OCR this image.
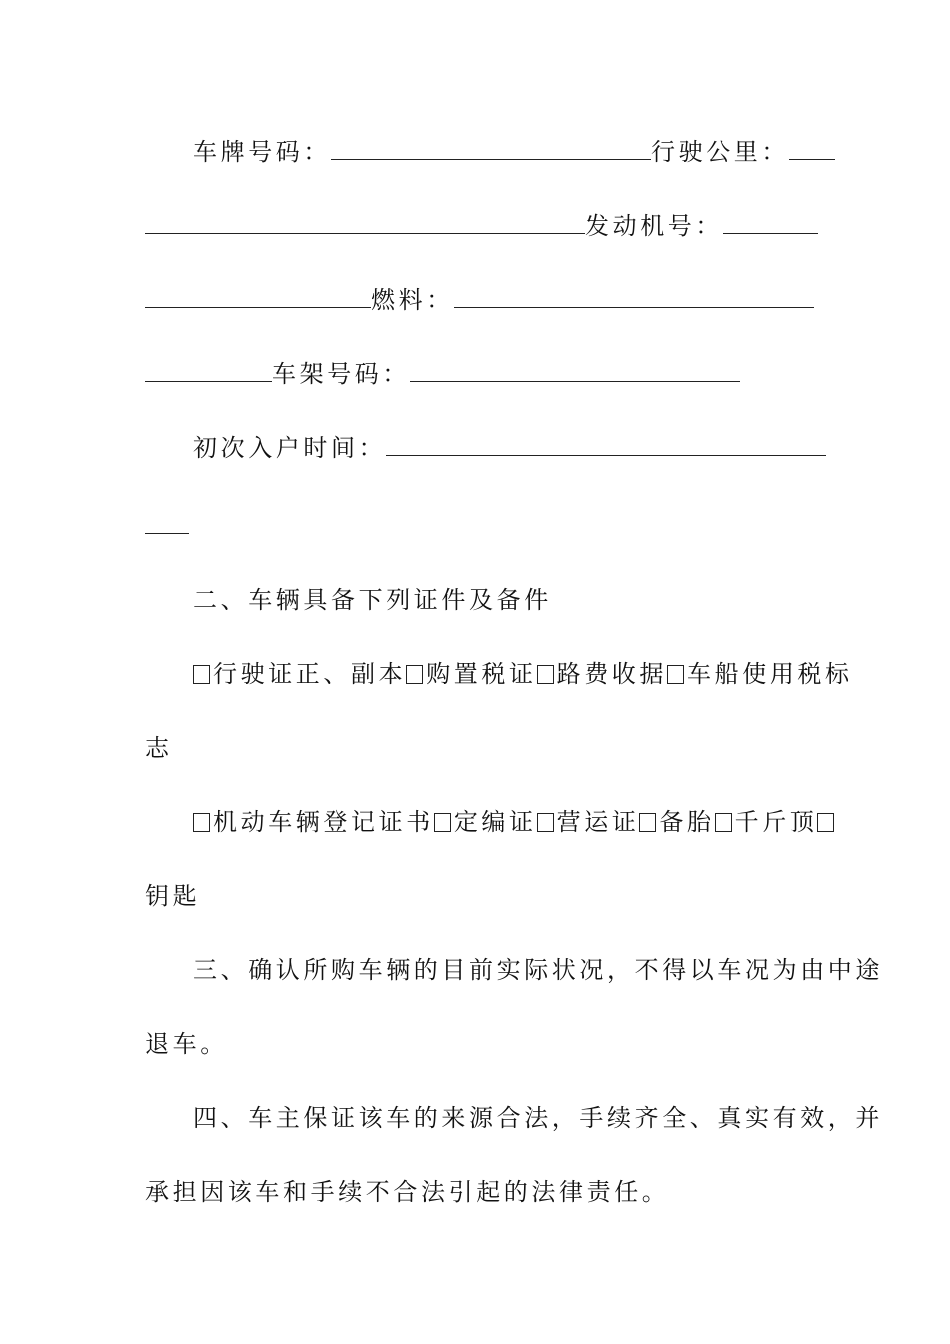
车牌号码：	行驶公里：
发动机号：
燃料：
车架号码：
初次入户时间：
二、车辆具备下列证件及备件
行驶证正、副本 购置税证 路费收据 车船使用税标
志
机动车辆登记证书 定编证 营运证 备胎 千斤顶
钥匙
三、确认所购车辆的目前实际状况，不得以车况为由中途
退车。
四、车主保证该车的来源合法，手续齐全、真实有效，并
承担因该车和手续不合法引起的法律责任。
